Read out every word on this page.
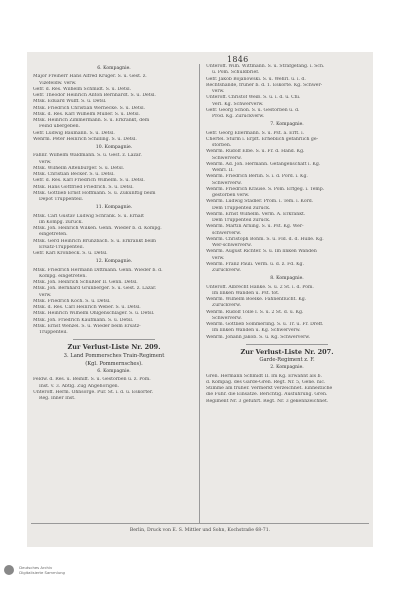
1846
6. Kompagnie.
Major Freiherr Hans Alfred Krüger. S. u. Gest. z.
Vizefeldw. verw.
Gefr. d. Res. Wilhelm Schmidt. S. u. Detsl.
Gefr. Theodor Heinrich Anton Bernhardt. S. u. Detsl.
Mtsk. Eduard Wulff. S. u. Detsl.
Mtsk. Friedrich Christian Wernecke. S. u. Detsl.
Mtsk. d. Res. Karl Wilhelm Müller. S. u. Detsl.
Mtsk. Heinrich Zimmermann. S. u. Erkrankt, dem
Feind übergeben.
Gefr. Ludwig Baumann. S. u. Detsl.
Wehrm. Peter Heinrich Schilling. S. u. Detsl.
10. Kompagnie.
Fähnr. Wilhelm Waldmann. S. u. Gest. z. Lazar.
verw.
Mtsk. Wilhelm Altenburger. S. u. Detsl.
Mtsk. Christian Becker. S. u. Detsl.
Gefr. d. Res. Karl Friedrich Wilhelm. S. u. Detsl.
Mtsk. Hans Gottfried Friedrich. S. u. Detsl.
Mtsk. Gottlieb Ernst Hoffmann. S. u. Zukünftig beim
Depot Truppenteil.
11. Kompagnie.
Mtsk. Carl Gustav Ludwig Schrank. S. u. Erhält
im Kompg. zurück.
Mtsk. Joh. Heinrich Wilken. Genn. Wieder b. d. Kompg.
eingetreten.
Mtsk. Gerd Heinrich Brunzbach. S. u. Erkrankt beim
Ersatz-Truppenteil.
Gefr. Karl Kronbeck. S. u. Detsl.
12. Kompagnie.
Mtsk. Friedrich Hermann Dittmann. Genn. Wieder b. d.
Kompg. eingetreten.
Mtsk. Joh. Heinrich Schüßler II. Genn. Detsl.
Mtsk. Joh. Bernhard Grünberger. S. u. Gest. z. Lazar.
verw.
Mtsk. Friedrich Koch. S. u. Detsl.
Mtsk. d. Res. Carl Heinrich Weber. S. u. Detsl.
Mtsk. Heinrich Wilhelm Ohlgenschläger. S. u. Detsl.
Mtsk. Joh. Friedrich Kaufmann. S. u. Detsl.
Mtsk. Ernst Wenzel. S. u. Wieder beim Ersatz-
Truppenteil.
Zur Verlust-Liste Nr. 209.
3. Land Pommersches Train-Regiment
(Kgl. Pommernsches).
6. Kompagnie.
Feldw. d. Res. u. Beihiff. S. u. Gestorben u. z. Pom.
Inst. v. 3. Abtlg. Zug Angehörigen.
Unteroff. Herm. Ohnsorge. Pur. St. i. d. u. Eskorter.
Reg. Inner Inst.
Unteroff. Wilh. Wittmann. S. u. Strafgefang. i. Sch.
u. Pom. Schuldbrief.
Gefr. Jakob Bojanowski. S. u. Wehrl. u. i. d.
Rechtshände, früher b. d. 1. Eskorte. Kg. Schwer-
verw.
Unteroff. Christof Weiß. S. u. i. d. u. Chi.
Verl. Kg. Schwerverw.
Gefr. Georg Schön. S. u. Gestorben u. d.
Prod. Kg. Zurückverw.
7. Kompagnie.
Gefr. Georg Ellermann. S. u. Pst. a. Erft. i.
Chertel. Sturm i. Erpft. Erheblich gefährlich ge-
storben.
Wehrm. Rudolf Elbe. S. u. Fr. d. Hand. Kg.
Schwerverw.
Wehrm. Ad. Joh. Hermann. Gefangenschaft i. Kg.
Wehrl. II.
Wehrm. Friedrich Berlin. S. i. d. Pord. i. Kg.
Schwerverw.
Wehrm. Friedrich Krause. S. Pom. Erfgeg. i. Temp.
gestorben verw.
Wehrm. Ludwig Stadler. Prom. i. Tem. i. Kord.
Dem Truppenteil zurück.
Wehrm. Ernst Wilhelm. Verm. Ä. Erkrankt.
Dem Truppenteil zurück.
Wehrm. Martin Arning. S. u. Pst. Kg. Wer-
schwerverw.
Wehrm. Christoph Böhm. S. u. Fld. d. d. Hülle. Kg.
Wer-schwerverw.
Wehrm. August Richter. S. u. Im linken Wanden
verw.
Wehrm. Franz Pauli. Verm. u. d. z. Fd. Kg.
Zurückverw.
8. Kompagnie.
Unteroff. Albrecht Hanke. S. u. 2 St. i. d. Pom.
Im linken Wanden u. Pst. tot.
Wehrm. Wilhelm Boelke. Fahnenflucht. Kg.
Zurückverw.
Wehrm. Rudolf Tölle I. S. u. 2 St. d. u. Kg.
Schwerverw.
Wehrm. Gottlieb Sommerling. S. u. Tr. u. Fr. Dreff.
Im linken Wanden u. Kg. Schwerverw.
Wehrm. Johann Jakob. S. u. Kg. Schwerverw.
Zur Verlust-Liste Nr. 207.
Garde-Regiment z. F.
2. Kompagnie.
Gren. Hermann Schmidt II. Im Kg. Erwähnt als b.
d. Kompag. des Garde-Gren. Regt. Nr. 5, Gene. nic.
Stimme am früher. Vermerkt verzeichnet. Einheitliche
die Führ. die Einsätze. Berichtig. Ausführung. Gren.
Regiment Nr. 3 geführt. Regt. Nr. 3 gekennzeichnet.
Berlin, Druck von E. S. Mittler und Sohn, Kochstraße 68-71.

Deutsches Archiv
Digitalisierte Sammlung
